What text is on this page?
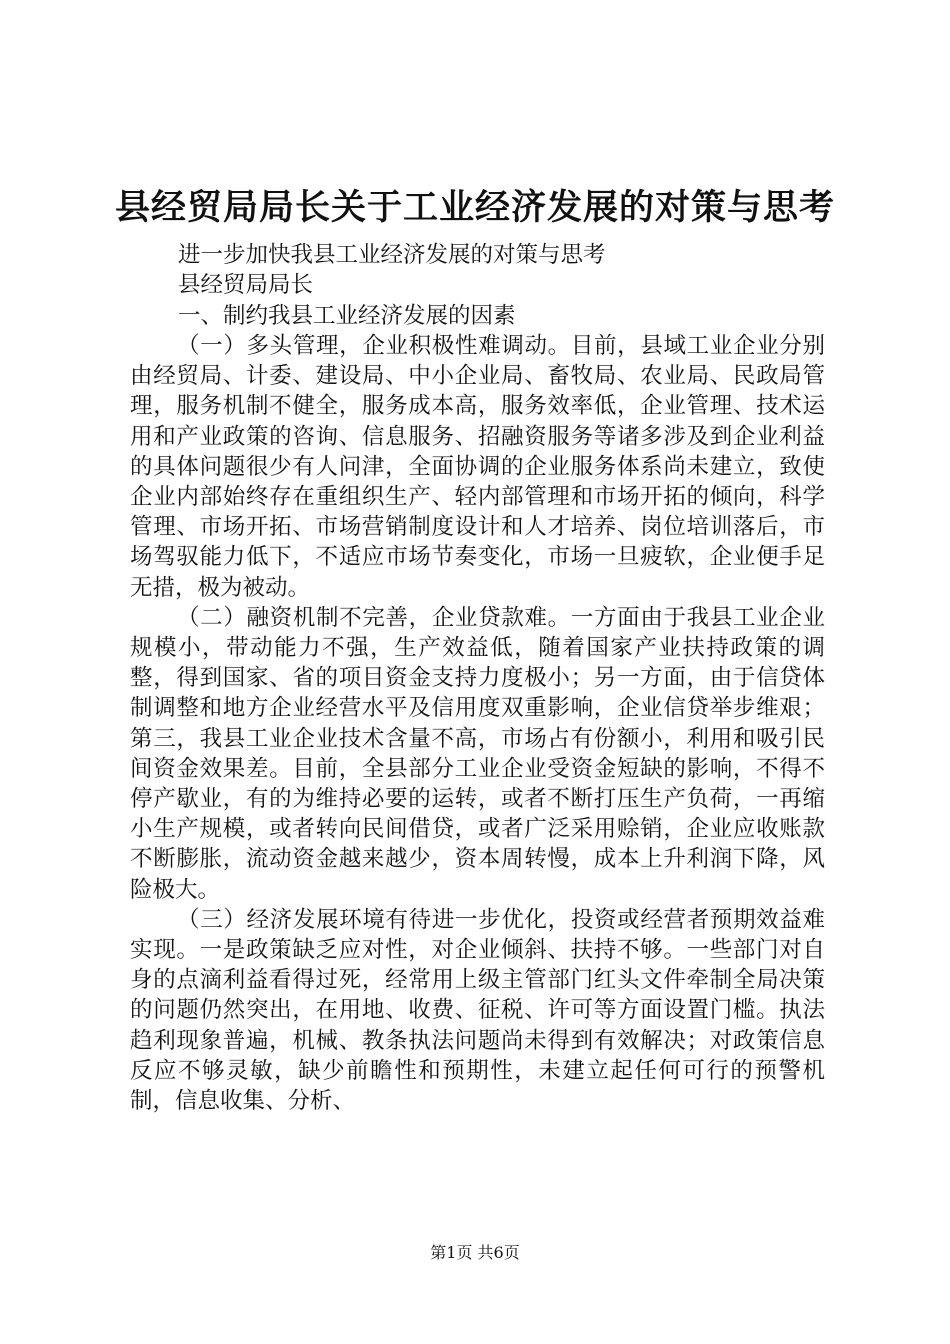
县经贸局局长关于工业经济发展的对策与思考
进一步加快我县工业经济发展的对策与思考
县经贸局局长
一、制约我县工业经济发展的因素

（一）多头管理，企业积极性难调动。目前，县域工业企业分别由经贸局、计委、建设局、中小企业局、畜牧局、农业局、民政局管理，服务机制不健全，服务成本高，服务效率低，企业管理、技术运用和产业政策的咨询、信息服务、招融资服务等诸多涉及到企业利益的具体问题很少有人问津，全面协调的企业服务体系尚未建立，致使企业内部始终存在重组织生产、轻内部管理和市场开拓的倾向，科学管理、市场开拓、市场营销制度设计和人才培养、岗位培训落后，市场驾驭能力低下，不适应市场节奏变化，市场一旦疲软，企业便手足无措，极为被动。

（二）融资机制不完善，企业贷款难。一方面由于我县工业企业规模小，带动能力不强，生产效益低，随着国家产业扶持政策的调整，得到国家、省的项目资金支持力度极小；另一方面，由于信贷体制调整和地方企业经营水平及信用度双重影响，企业信贷举步维艰；第三，我县工业企业技术含量不高，市场占有份额小，利用和吸引民间资金效果差。目前，全县部分工业企业受资金短缺的影响，不得不停产歇业，有的为维持必要的运转，或者不断打压生产负荷，一再缩小生产规模，或者转向民间借贷，或者广泛采用赊销，企业应收账款不断膨胀，流动资金越来越少，资本周转慢，成本上升利润下降，风险极大。

（三）经济发展环境有待进一步优化，投资或经营者预期效益难实现。一是政策缺乏应对性，对企业倾斜、扶持不够。一些部门对自身的点滴利益看得过死，经常用上级主管部门红头文件牵制全局决策的问题仍然突出，在用地、收费、征税、许可等方面设置门槛。执法趋利现象普遍，机械、教条执法问题尚未得到有效解决；对政策信息反应不够灵敏，缺少前瞻性和预期性，未建立起任何可行的预警机制，信息收集、分析、

第1页 共6页
